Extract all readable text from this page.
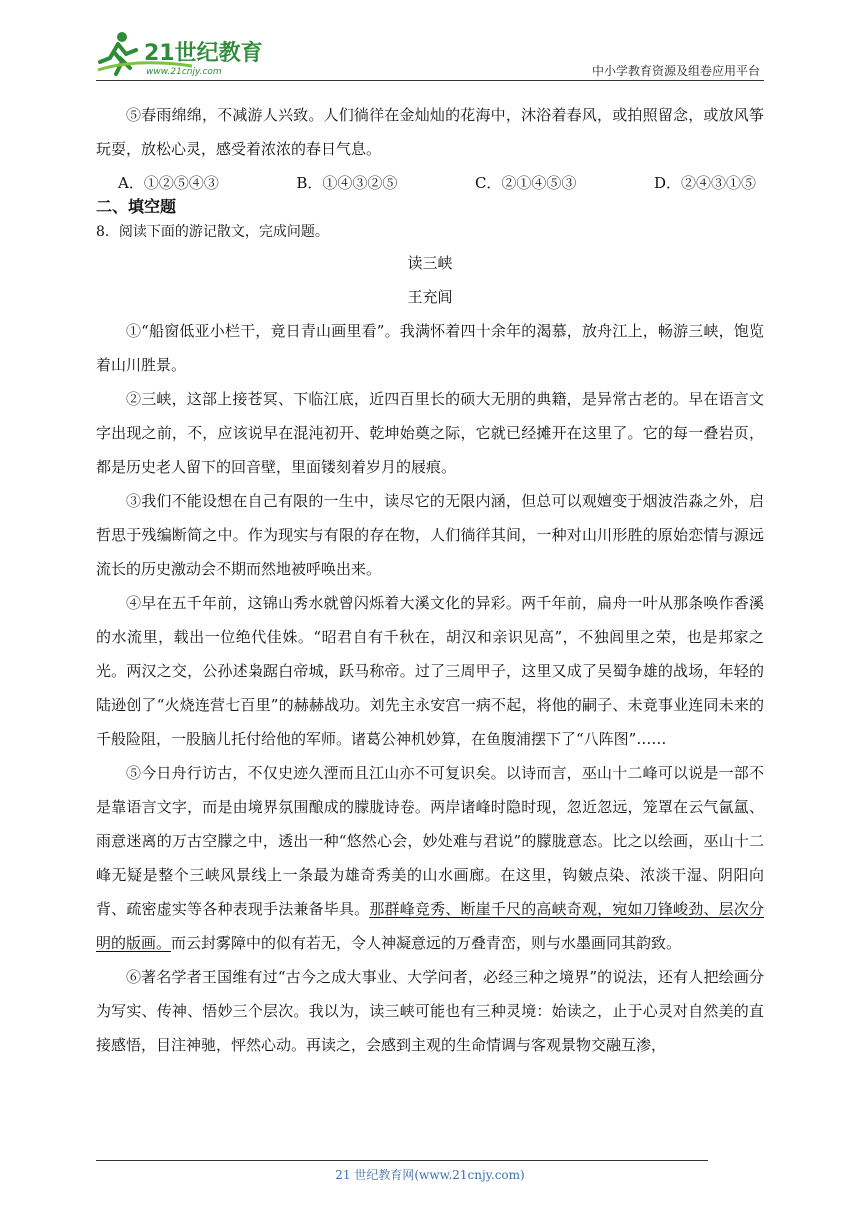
21世纪教育
www.21cnjy.com	中小学教育资源及组卷应用平台

⑤春雨绵绵，不减游人兴致。人们徜徉在金灿灿的花海中，沐浴着春风，或拍照留念，或放风筝玩耍，放松心灵，感受着浓浓的春日气息。

A．①②⑤④③	B．①④③②⑤	C．②①④⑤③	D．②④③①⑤
二、填空题
8．阅读下面的游记散文，完成问题。
读三峡
王充闾

①“船窗低亚小栏干，竟日青山画里看”。我满怀着四十余年的渴慕，放舟江上，畅游三峡，饱览着山川胜景。

②三峡，这部上接苍冥、下临江底，近四百里长的硕大无朋的典籍，是异常古老的。早在语言文字出现之前，不，应该说早在混沌初开、乾坤始奠之际，它就已经摊开在这里了。它的每一叠岩页，都是历史老人留下的回音壁，里面镂刻着岁月的屐痕。

③我们不能设想在自己有限的一生中，读尽它的无限内涵，但总可以观嬗变于烟波浩淼之外，启哲思于残编断简之中。作为现实与有限的存在物，人们徜徉其间，一种对山川形胜的原始恋情与源远流长的历史激动会不期而然地被呼唤出来。

④早在五千年前，这锦山秀水就曾闪烁着大溪文化的异彩。两千年前，扁舟一叶从那条唤作香溪的水流里，载出一位绝代佳姝。“昭君自有千秋在，胡汉和亲识见高”，不独闾里之荣，也是邦家之光。两汉之交，公孙述枭踞白帝城，跃马称帝。过了三周甲子，这里又成了吴蜀争雄的战场，年轻的陆逊创了“火烧连营七百里”的赫赫战功。刘先主永安宫一病不起，将他的嗣子、未竟事业连同未来的千般险阻，一股脑儿托付给他的军师。诸葛公神机妙算，在鱼腹浦摆下了“八阵图”……

⑤今日舟行访古，不仅史迹久湮而且江山亦不可复识矣。以诗而言，巫山十二峰可以说是一部不是靠语言文字，而是由境界氛围酿成的朦胧诗卷。两岸诸峰时隐时现，忽近忽远，笼罩在云气氤氲、雨意迷离的万古空朦之中，透出一种“悠然心会，妙处难与君说”的朦胧意态。比之以绘画，巫山十二峰无疑是整个三峡风景线上一条最为雄奇秀美的山水画廊。在这里，钩皴点染、浓淡干湿、阴阳向背、疏密虚实等各种表现手法兼备毕具。那群峰竞秀、断崖千尺的高峡奇观，宛如刀锋峻劲、层次分明的版画。而云封雾障中的似有若无，令人神凝意远的万叠青峦，则与水墨画同其韵致。

⑥著名学者王国维有过“古今之成大事业、大学问者，必经三种之境界”的说法，还有人把绘画分为写实、传神、悟妙三个层次。我以为，读三峡可能也有三种灵境：始读之，止于心灵对自然美的直接感悟，目注神驰，怦然心动。再读之，会感到主观的生命情调与客观景物交融互渗，

21 世纪教育网(www.21cnjy.com)
